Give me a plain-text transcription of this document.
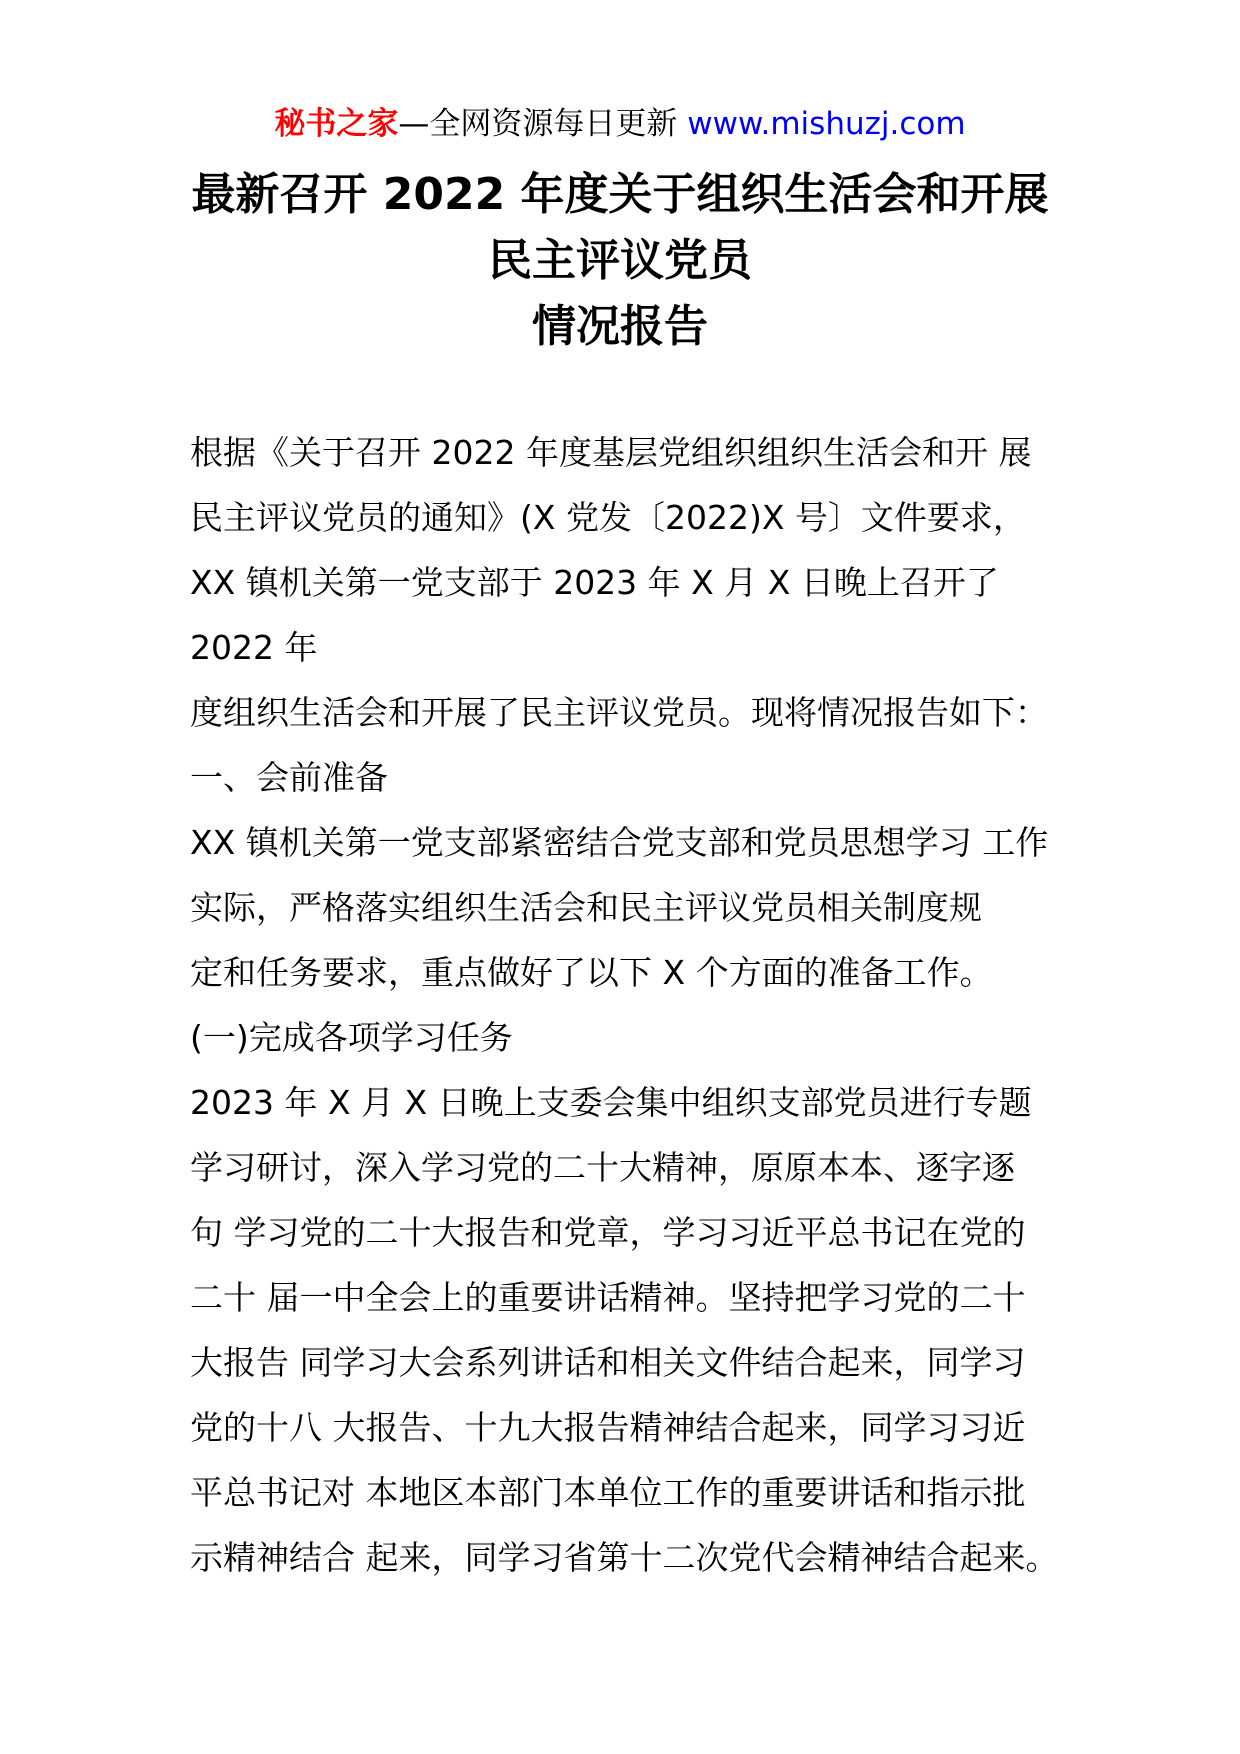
秘书之家—全网资源每日更新 www.mishuzj.com
最新召开 2022 年度关于组织生活会和开展
民主评议党员
情况报告
根据《关于召开 2022 年度基层党组织组织生活会和开 展
民主评议党员的通知》(X 党发〔2022)X 号〕文件要求，
XX 镇机关第一党支部于 2023 年 X 月 X 日晚上召开了
2022 年
度组织生活会和开展了民主评议党员。现将情况报告如下：
一、会前准备
XX 镇机关第一党支部紧密结合党支部和党员思想学习 工作
实际，严格落实组织生活会和民主评议党员相关制度规
定和任务要求，重点做好了以下 X 个方面的准备工作。
(一)完成各项学习任务
2023 年 X 月 X 日晚上支委会集中组织支部党员进行专题
学习研讨，深入学习党的二十大精神，原原本本、逐字逐
句 学习党的二十大报告和党章，学习习近平总书记在党的
二十 届一中全会上的重要讲话精神。坚持把学习党的二十
大报告 同学习大会系列讲话和相关文件结合起来，同学习
党的十八 大报告、十九大报告精神结合起来，同学习习近
平总书记对 本地区本部门本单位工作的重要讲话和指示批
示精神结合 起来，同学习省第十二次党代会精神结合起来。
